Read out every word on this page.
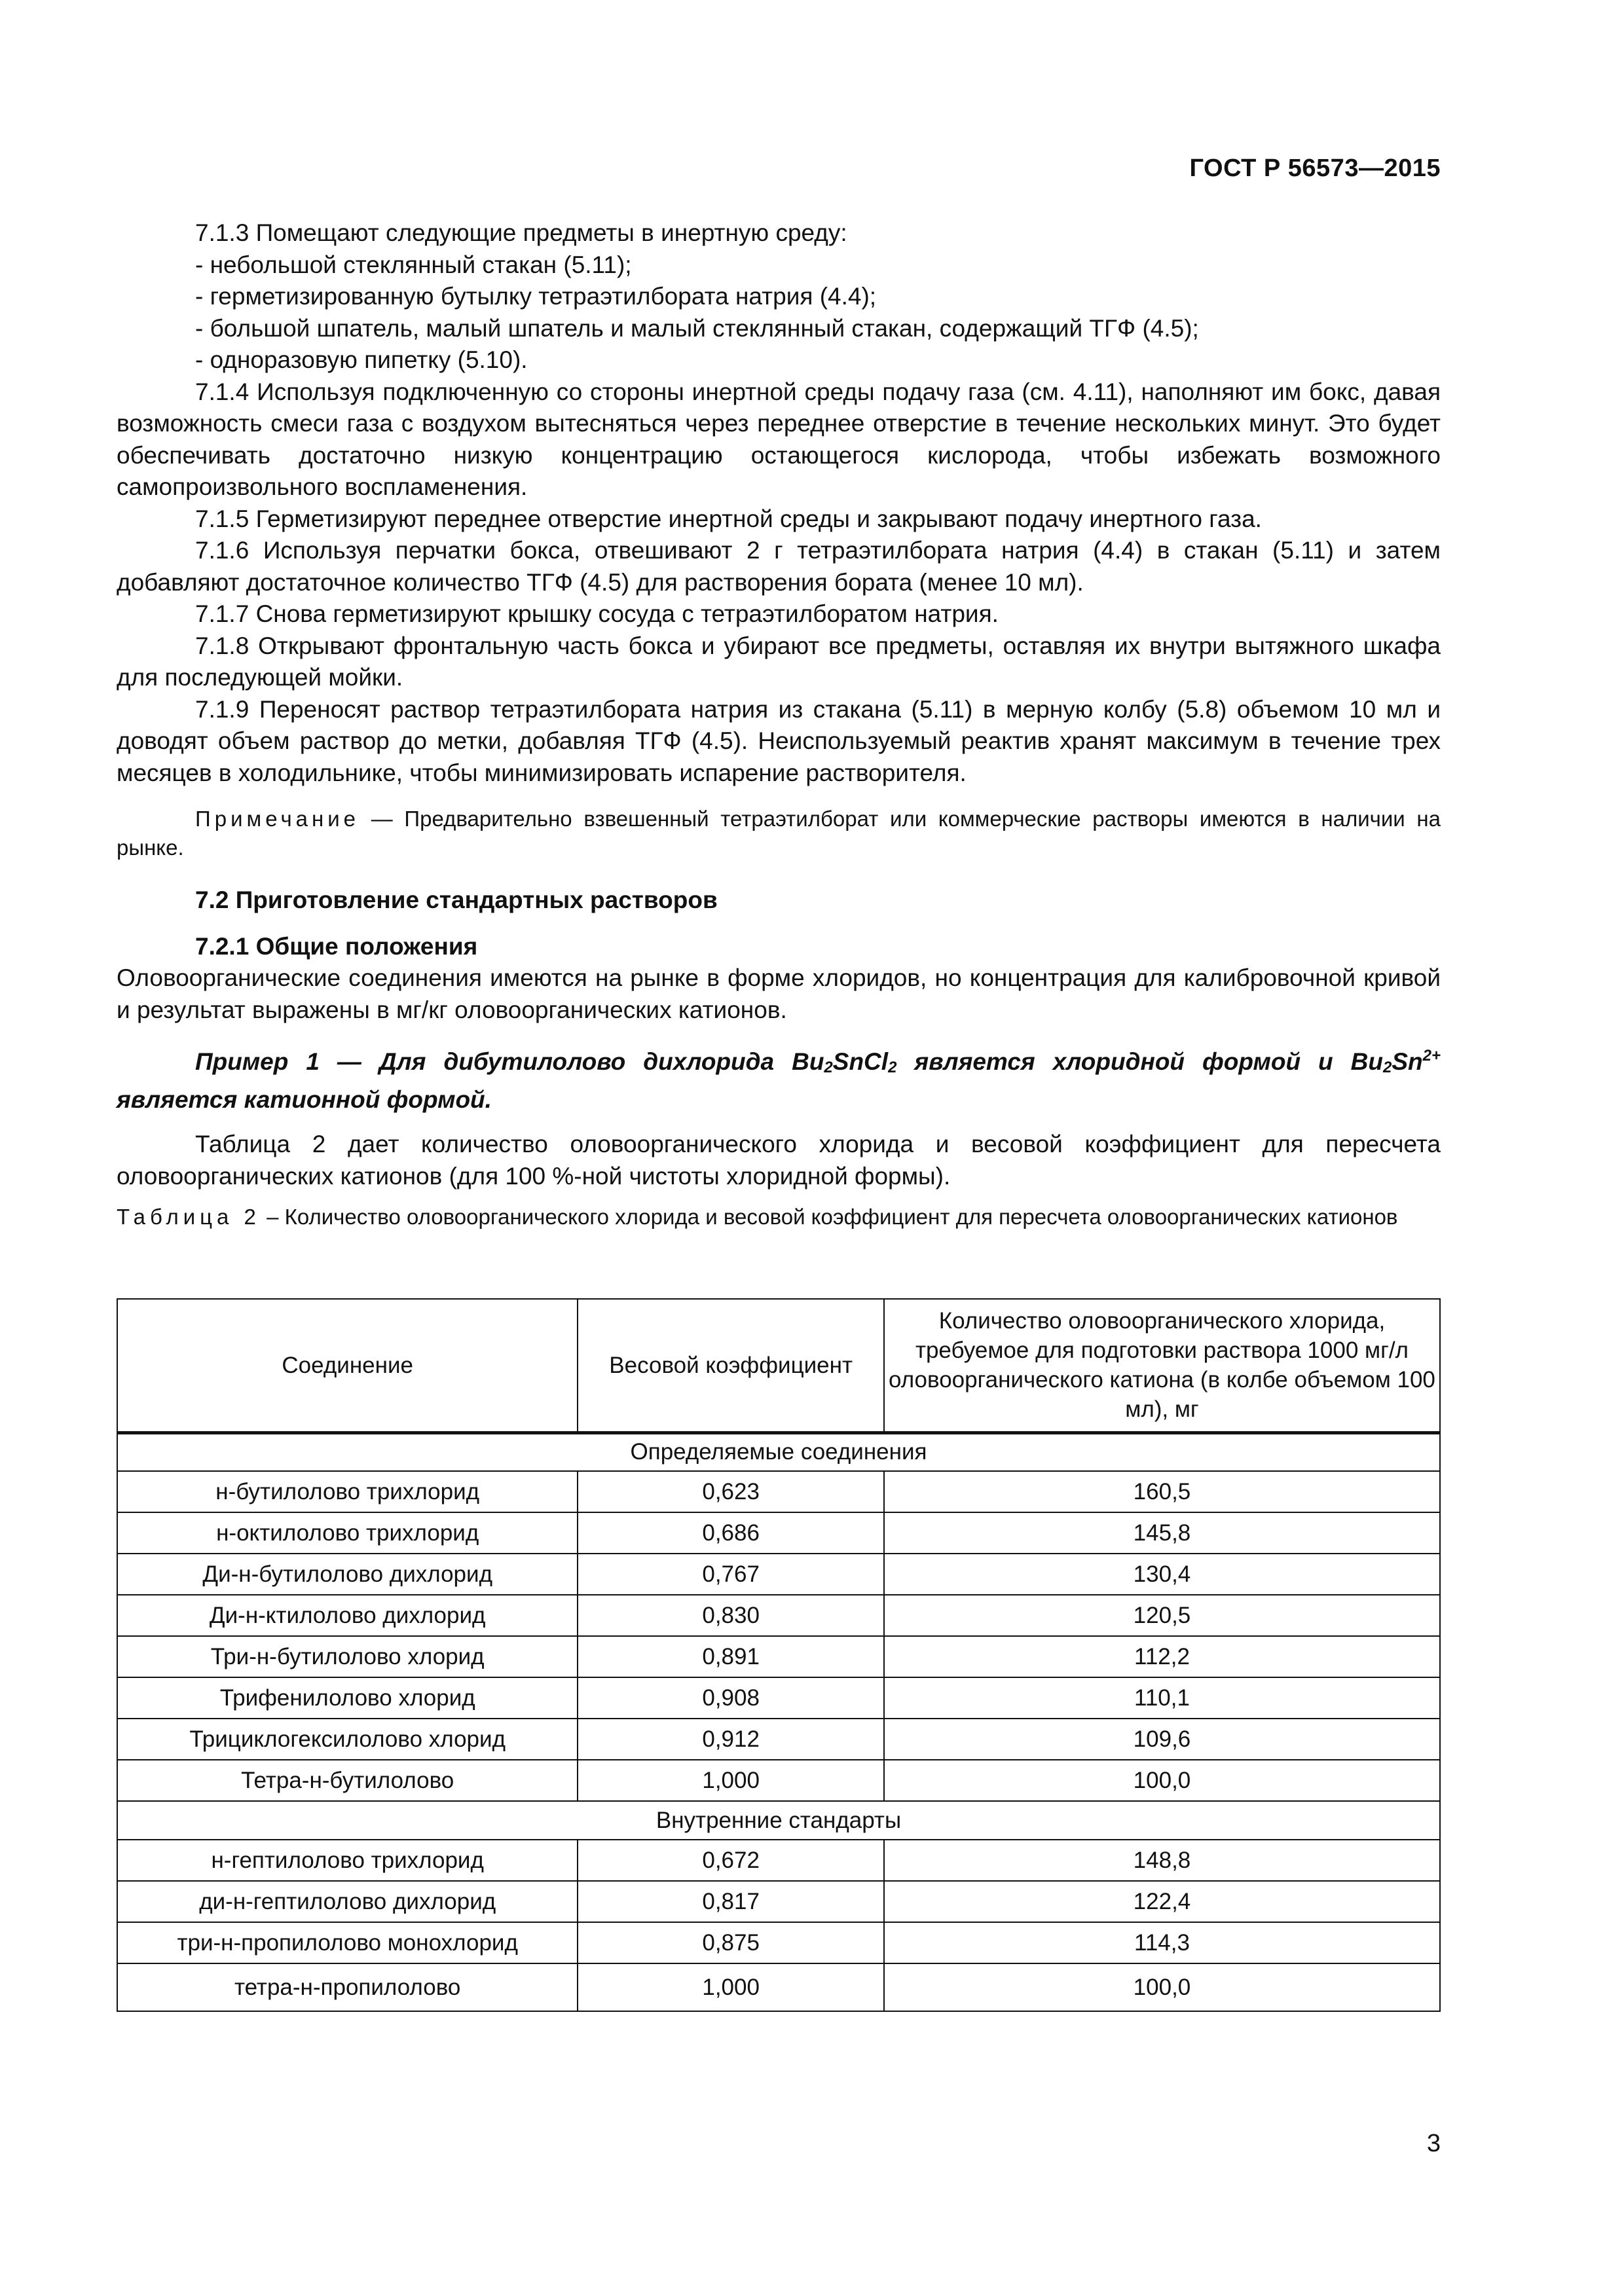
ГОСТ Р 56573—2015

7.1.3 Помещают следующие предметы в инертную среду:

- небольшой стеклянный стакан (5.11);

- герметизированную бутылку тетраэтилбората натрия (4.4);

- большой шпатель, малый шпатель и малый стеклянный стакан, содержащий ТГФ (4.5);

- одноразовую пипетку (5.10).

7.1.4 Используя подключенную со стороны инертной среды подачу газа (см. 4.11), наполняют им бокс, давая возможность смеси газа с воздухом вытесняться через переднее отверстие в течение нескольких минут. Это будет обеспечивать достаточно низкую концентрацию остающегося кислорода, чтобы избежать возможного самопроизвольного воспламенения.

7.1.5 Герметизируют переднее отверстие инертной среды и закрывают подачу инертного газа.

7.1.6 Используя перчатки бокса, отвешивают 2 г тетраэтилбората натрия (4.4) в стакан (5.11) и затем добавляют достаточное количество ТГФ (4.5) для растворения бората (менее 10 мл).

7.1.7 Снова герметизируют крышку сосуда с тетраэтилборатом натрия.

7.1.8 Открывают фронтальную часть бокса и убирают все предметы, оставляя их внутри вытяжного шкафа для последующей мойки.

7.1.9 Переносят раствор тетраэтилбората натрия из стакана (5.11) в мерную колбу (5.8) объемом 10 мл и доводят объем раствор до метки, добавляя ТГФ (4.5). Неиспользуемый реактив хранят максимум в течение трех месяцев в холодильнике, чтобы минимизировать испарение растворителя.

Примечание — Предварительно взвешенный тетраэтилборат или коммерческие растворы имеются в наличии на рынке.

7.2 Приготовление стандартных растворов

7.2.1 Общие положения

Оловоорганические соединения имеются на рынке в форме хлоридов, но концентрация для калибровочной кривой и результат выражены в мг/кг оловоорганических катионов.

Пример 1 — Для дибутилолово дихлорида $Bu_2SnCl_2$ является хлоридной формой и $Bu_2Sn^{2+}$ является катионной формой.

Таблица 2 дает количество оловоорганического хлорида и весовой коэффициент для пересчета оловоорганических катионов (для 100 %-ной чистоты хлоридной формы).

Таблица 2 – Количество оловоорганического хлорида и весовой коэффициент для пересчета оловоорганических катионов

Соединение	Весовой коэффициент	Количество оловоорганического хлорида, требуемое для подготовки раствора 1000 мг/л оловоорганического катиона (в колбе объемом 100 мл), мг
Определяемые соединения		
н-бутилолово трихлорид	0,623	160,5
н-октилолово трихлорид	0,686	145,8
Ди-н-бутилолово дихлорид	0,767	130,4
Ди-н-ктилолово дихлорид	0,830	120,5
Три-н-бутилолово хлорид	0,891	112,2
Трифенилолово хлорид	0,908	110,1
Трициклогексилолово хлорид	0,912	109,6
Тетра-н-бутилолово	1,000	100,0
Внутренние стандарты		
н-гептилолово трихлорид	0,672	148,8
ди-н-гептилолово дихлорид	0,817	122,4
три-н-пропилолово монохлорид	0,875	114,3
тетра-н-пропилолово	1,000	100,0
3
